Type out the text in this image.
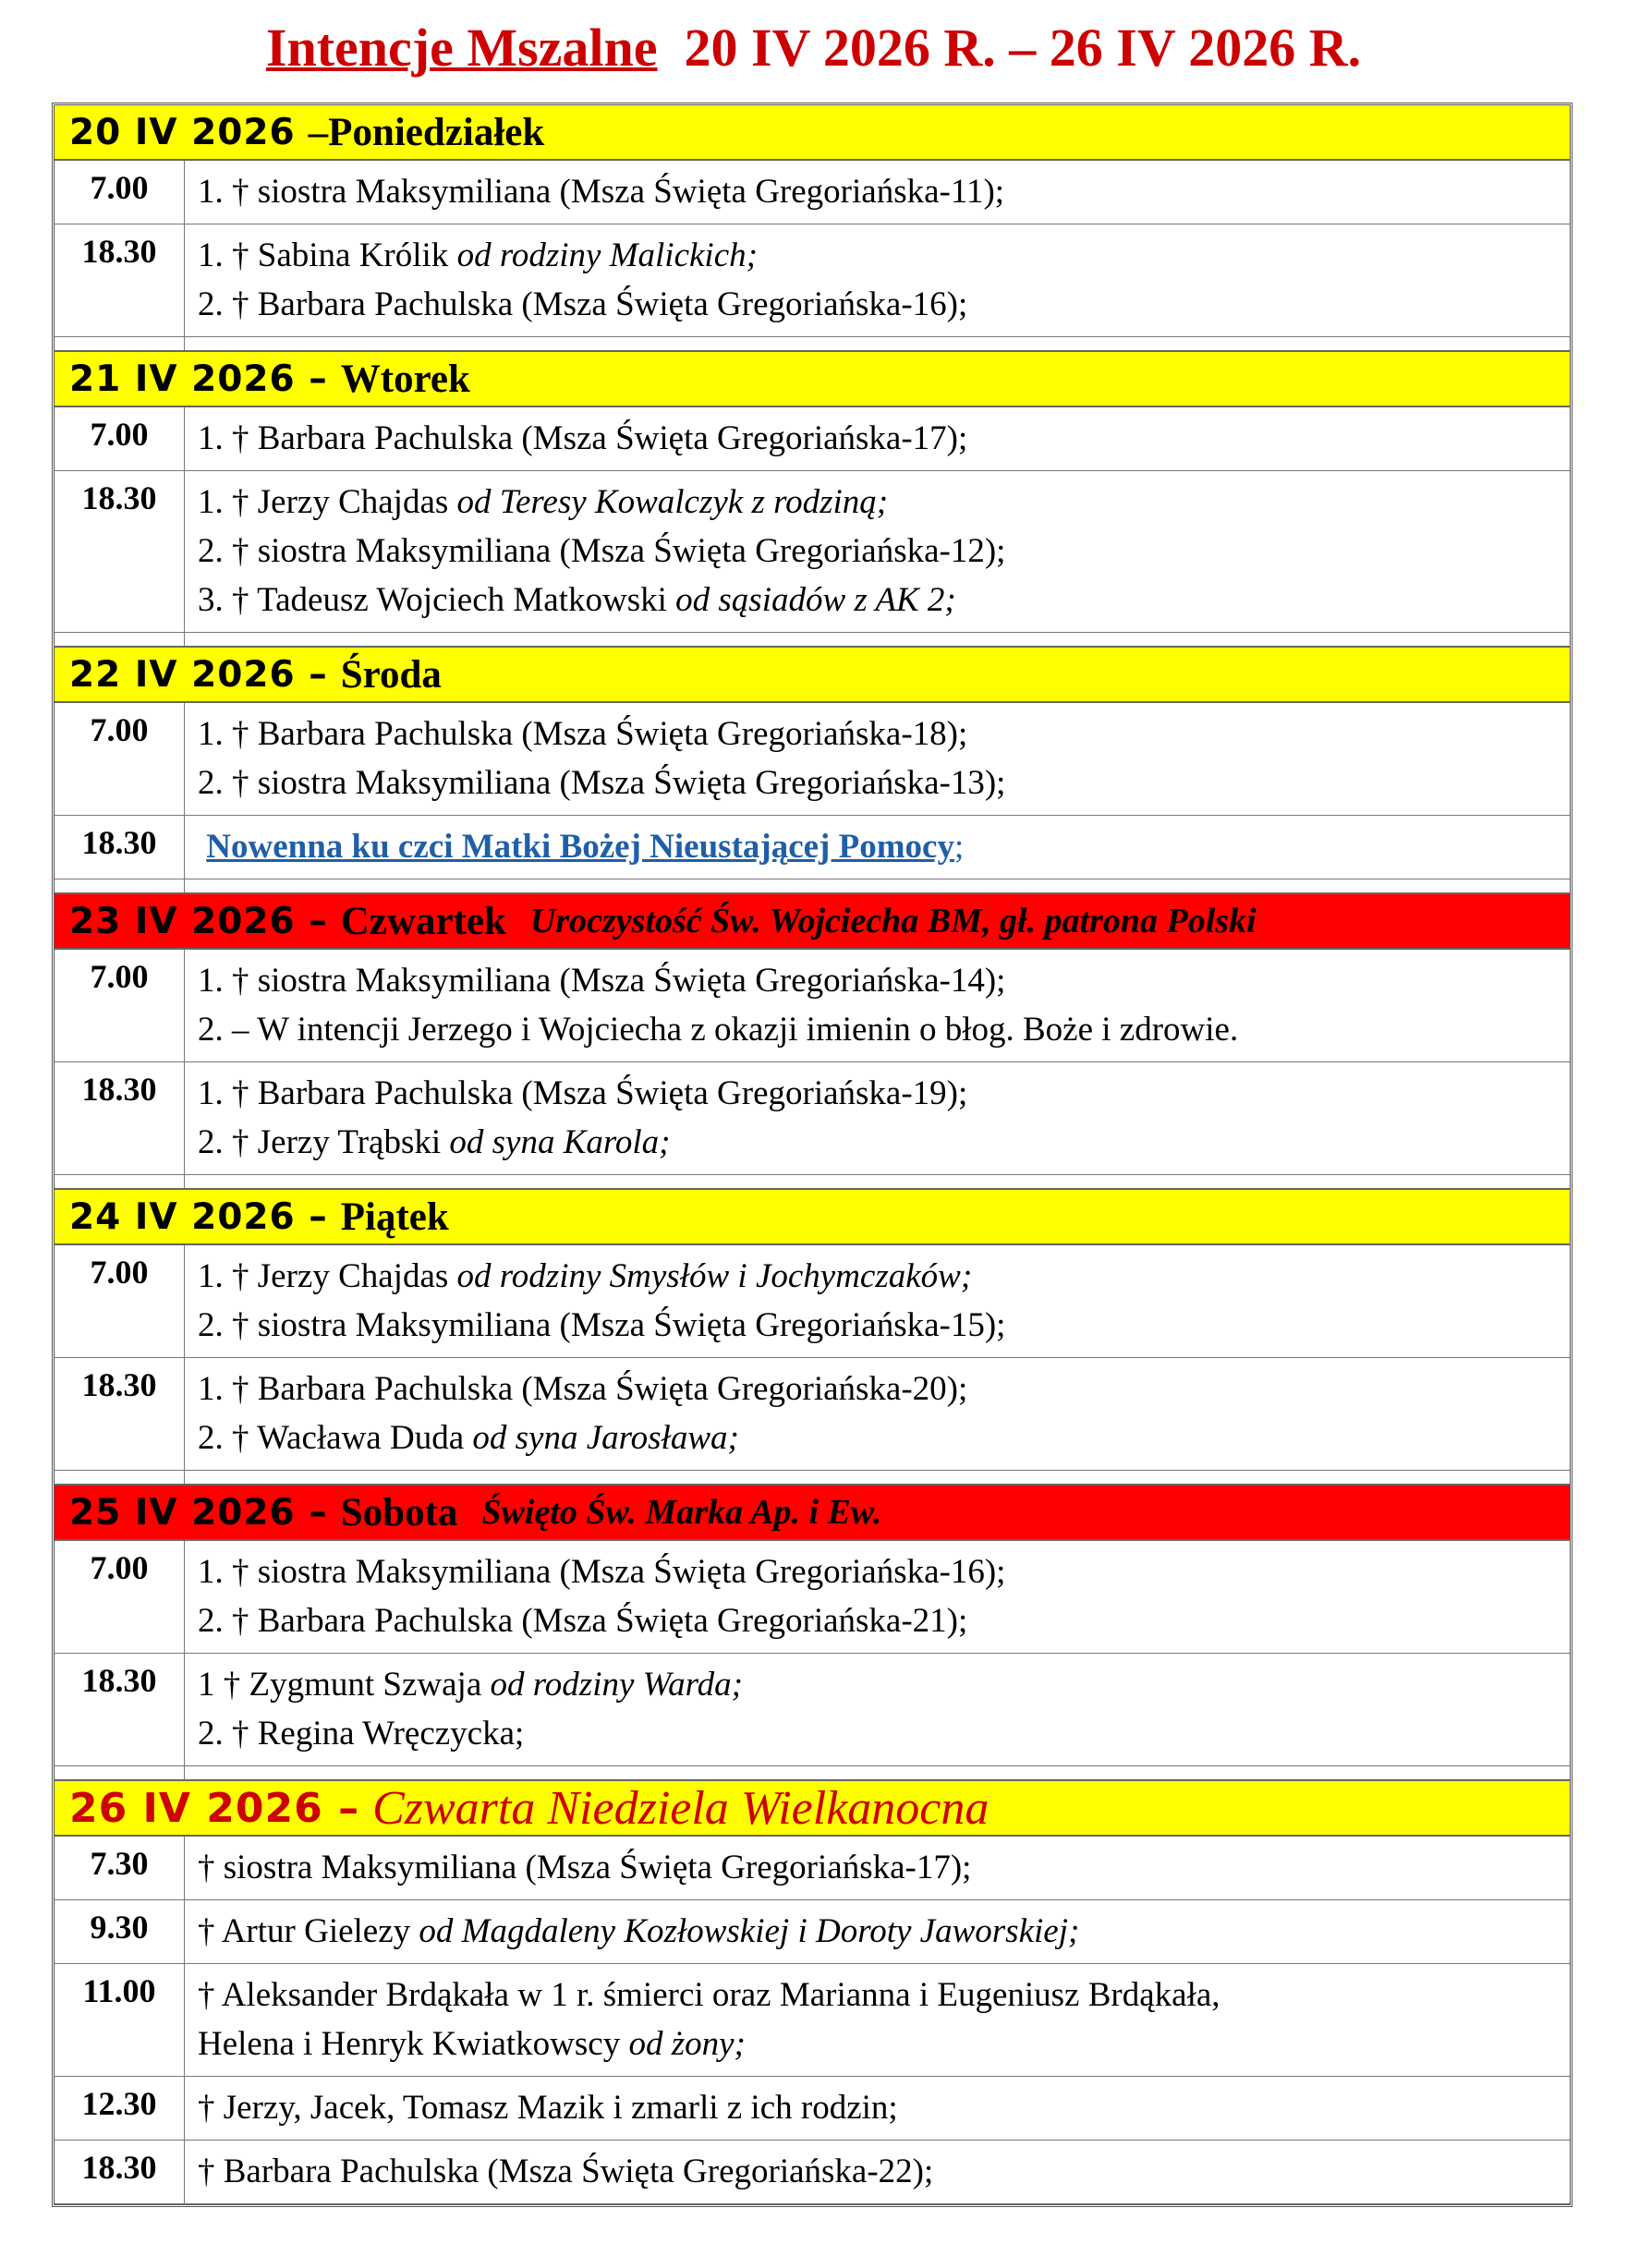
Intencje Mszalne 20 IV 2026 R. – 26 IV 2026 R.
20 IV 2026 –Poniedziałek
7.00	1. † siostra Maksymiliana (Msza Święta Gregoriańska-11);
18.30	1. † Sabina Królik od rodziny Malickich;
2. † Barbara Pachulska (Msza Święta Gregoriańska-16);
21 IV 2026 – Wtorek
7.00	1. † Barbara Pachulska (Msza Święta Gregoriańska-17);
18.30	1. † Jerzy Chajdas od Teresy Kowalczyk z rodziną;
2. † siostra Maksymiliana (Msza Święta Gregoriańska-12);
3. † Tadeusz Wojciech Matkowski od sąsiadów z AK 2;
22 IV 2026 – Środa
7.00	1. † Barbara Pachulska (Msza Święta Gregoriańska-18);
2. † siostra Maksymiliana (Msza Święta Gregoriańska-13);
18.30	Nowenna ku czci Matki Bożej Nieustającej Pomocy;
23 IV 2026 – Czwartek Uroczystość Św. Wojciecha BM, gł. patrona Polski
7.00	1. † siostra Maksymiliana (Msza Święta Gregoriańska-14);
2. – W intencji Jerzego i Wojciecha z okazji imienin o błog. Boże i zdrowie.
18.30	1. † Barbara Pachulska (Msza Święta Gregoriańska-19);
2. † Jerzy Trąbski od syna Karola;
24 IV 2026 – Piątek
7.00	1. † Jerzy Chajdas od rodziny Smysłów i Jochymczaków;
2. † siostra Maksymiliana (Msza Święta Gregoriańska-15);
18.30	1. † Barbara Pachulska (Msza Święta Gregoriańska-20);
2. † Wacława Duda od syna Jarosława;
25 IV 2026 – Sobota Święto Św. Marka Ap. i Ew.
7.00	1. † siostra Maksymiliana (Msza Święta Gregoriańska-16);
2. † Barbara Pachulska (Msza Święta Gregoriańska-21);
18.30	1 † Zygmunt Szwaja od rodziny Warda;
2. † Regina Wręczycka;
26 IV 2026 – Czwarta Niedziela Wielkanocna
7.30	† siostra Maksymiliana (Msza Święta Gregoriańska-17);
9.30	† Artur Gielezy od Magdaleny Kozłowskiej i Doroty Jaworskiej;
11.00	† Aleksander Brdąkała w 1 r. śmierci oraz Marianna i Eugeniusz Brdąkała,
Helena i Henryk Kwiatkowscy od żony;
12.30	† Jerzy, Jacek, Tomasz Mazik i zmarli z ich rodzin;
18.30	† Barbara Pachulska (Msza Święta Gregoriańska-22);
